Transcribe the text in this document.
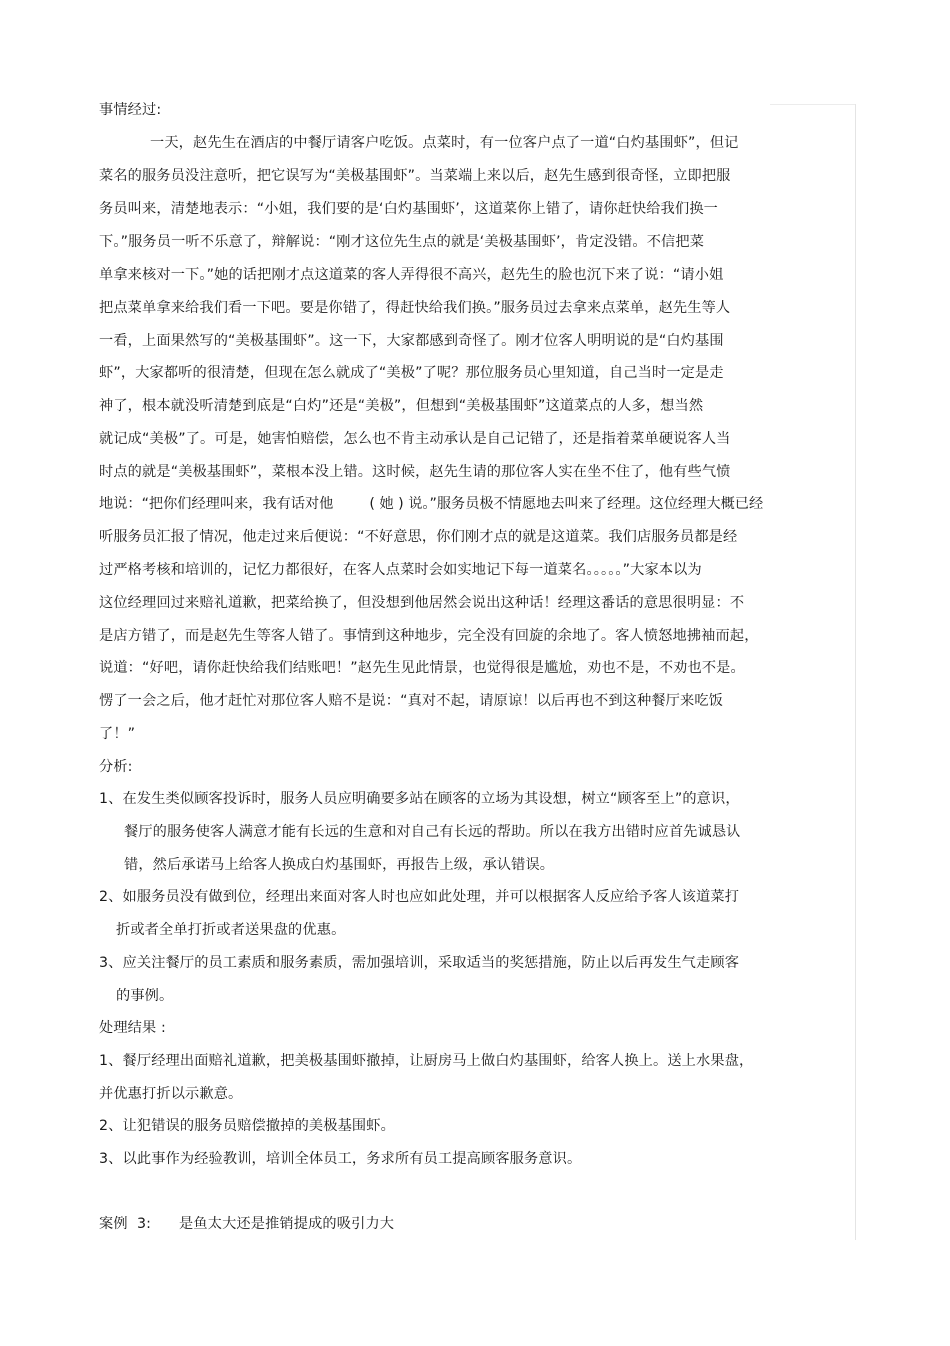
事情经过:
一天，赵先生在酒店的中餐厅请客户吃饭。点菜时，有一位客户点了一道“白灼基围虾”，但记
菜名的服务员没注意听，把它误写为“美极基围虾”。当菜端上来以后，赵先生感到很奇怪，立即把服
务员叫来，清楚地表示：“小姐，我们要的是‘白灼基围虾’，这道菜你上错了，请你赶快给我们换一
下。”服务员一听不乐意了，辩解说：“刚才这位先生点的就是‘美极基围虾’，肯定没错。不信把菜
单拿来核对一下。”她的话把刚才点这道菜的客人弄得很不高兴，赵先生的脸也沉下来了说：“请小姐
把点菜单拿来给我们看一下吧。要是你错了，得赶快给我们换。”服务员过去拿来点菜单，赵先生等人
一看，上面果然写的“美极基围虾”。这一下，大家都感到奇怪了。刚才位客人明明说的是“白灼基围
虾”，大家都听的很清楚，但现在怎么就成了“美极”了呢？那位服务员心里知道，自己当时一定是走
神了，根本就没听清楚到底是“白灼”还是“美极”，但想到“美极基围虾”这道菜点的人多，想当然
就记成“美极”了。可是，她害怕赔偿，怎么也不肯主动承认是自己记错了，还是指着菜单硬说客人当
时点的就是“美极基围虾”，菜根本没上错。这时候，赵先生请的那位客人实在坐不住了，他有些气愤
地说：“把你们经理叫来，我有话对他        ( 她 ) 说。”服务员极不情愿地去叫来了经理。这位经理大概已经
听服务员汇报了情况，他走过来后便说：“不好意思，你们刚才点的就是这道菜。我们店服务员都是经
过严格考核和培训的，记忆力都很好，在客人点菜时会如实地记下每一道菜名。。。。。”大家本以为
这位经理回过来赔礼道歉，把菜给换了，但没想到他居然会说出这种话！经理这番话的意思很明显：不
是店方错了，而是赵先生等客人错了。事情到这种地步，完全没有回旋的余地了。客人愤怒地拂袖而起，
说道：“好吧，请你赶快给我们结账吧！”赵先生见此情景，也觉得很是尴尬，劝也不是，不劝也不是。
愣了一会之后，他才赶忙对那位客人赔不是说：“真对不起，请原谅！以后再也不到这种餐厅来吃饭
了！”
分析:
1、在发生类似顾客投诉时，服务人员应明确要多站在顾客的立场为其设想，树立“顾客至上”的意识，
餐厅的服务使客人满意才能有长远的生意和对自己有长远的帮助。所以在我方出错时应首先诚恳认
错，然后承诺马上给客人换成白灼基围虾，再报告上级，承认错误。
2、如服务员没有做到位，经理出来面对客人时也应如此处理，并可以根据客人反应给予客人该道菜打
折或者全单打折或者送果盘的优惠。
3、应关注餐厅的员工素质和服务素质，需加强培训，采取适当的奖惩措施，防止以后再发生气走顾客
的事例。
处理结果 :
1、餐厅经理出面赔礼道歉，把美极基围虾撤掉，让厨房马上做白灼基围虾，给客人换上。送上水果盘，
并优惠打折以示歉意。
2、让犯错误的服务员赔偿撤掉的美极基围虾。
3、以此事作为经验教训，培训全体员工，务求所有员工提高顾客服务意识。
案例  3:      是鱼太大还是推销提成的吸引力大
